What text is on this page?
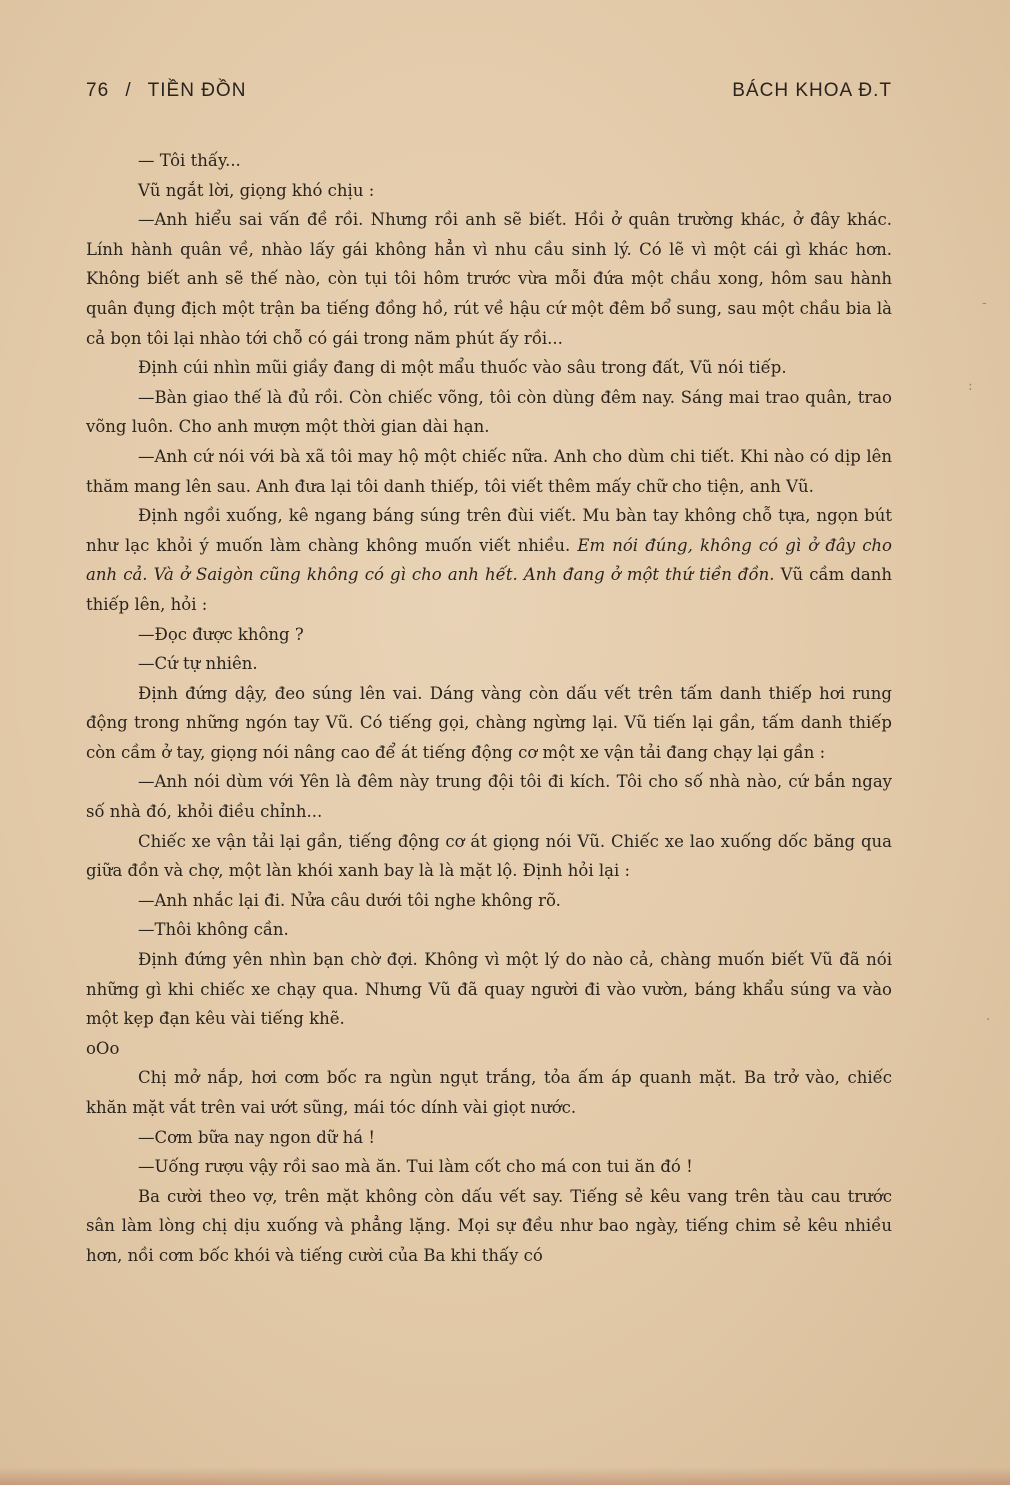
76 / TIỀN ĐỒN	BÁCH KHOA Đ.T

— Tôi thấy...

Vũ ngắt lời, giọng khó chịu :

—Anh hiểu sai vấn đề rồi. Nhưng rồi anh sẽ biết. Hồi ở quân trường khác, ở đây khác. Lính hành quân về, nhào lấy gái không hẳn vì nhu cầu sinh lý. Có lẽ vì một cái gì khác hơn. Không biết anh sẽ thế nào, còn tụi tôi hôm trước vừa mỗi đứa một chầu xong, hôm sau hành quân đụng địch một trận ba tiếng đồng hồ, rút về hậu cứ một đêm bổ sung, sau một chầu bia là cả bọn tôi lại nhào tới chỗ có gái trong năm phút ấy rồi...

Định cúi nhìn mũi giầy đang di một mẩu thuốc vào sâu trong đất, Vũ nói tiếp.

—Bàn giao thế là đủ rồi. Còn chiếc võng, tôi còn dùng đêm nay. Sáng mai trao quân, trao võng luôn. Cho anh mượn một thời gian dài hạn.

—Anh cứ nói với bà xã tôi may hộ một chiếc nữa. Anh cho dùm chi tiết. Khi nào có dịp lên thăm mang lên sau. Anh đưa lại tôi danh thiếp, tôi viết thêm mấy chữ cho tiện, anh Vũ.

Định ngồi xuống, kê ngang báng súng trên đùi viết. Mu bàn tay không chỗ tựa, ngọn bút như lạc khỏi ý muốn làm chàng không muốn viết nhiều. Em nói đúng, không có gì ở đây cho anh cả. Và ở Saigòn cũng không có gì cho anh hết. Anh đang ở một thứ tiền đồn. Vũ cầm danh thiếp lên, hỏi :

—Đọc được không ?

—Cứ tự nhiên.

Định đứng dậy, đeo súng lên vai. Dáng vàng còn dấu vết trên tấm danh thiếp hơi rung động trong những ngón tay Vũ. Có tiếng gọi, chàng ngừng lại. Vũ tiến lại gần, tấm danh thiếp còn cầm ở tay, giọng nói nâng cao để át tiếng động cơ một xe vận tải đang chạy lại gần :

—Anh nói dùm với Yên là đêm này trung đội tôi đi kích. Tôi cho số nhà nào, cứ bắn ngay số nhà đó, khỏi điều chỉnh...

Chiếc xe vận tải lại gần, tiếng động cơ át giọng nói Vũ. Chiếc xe lao xuống dốc băng qua giữa đồn và chợ, một làn khói xanh bay là là mặt lộ. Định hỏi lại :

—Anh nhắc lại đi. Nửa câu dưới tôi nghe không rõ.

—Thôi không cần.

Định đứng yên nhìn bạn chờ đợi. Không vì một lý do nào cả, chàng muốn biết Vũ đã nói những gì khi chiếc xe chạy qua. Nhưng Vũ đã quay người đi vào vườn, báng khẩu súng va vào một kẹp đạn kêu vài tiếng khẽ.

oOo

Chị mở nắp, hơi cơm bốc ra ngùn ngụt trắng, tỏa ấm áp quanh mặt. Ba trở vào, chiếc khăn mặt vắt trên vai ướt sũng, mái tóc dính vài giọt nước.

—Cơm bữa nay ngon dữ há !

—Uống rượu vậy rồi sao mà ăn. Tui làm cốt cho má con tui ăn đó !

Ba cười theo vợ, trên mặt không còn dấu vết say. Tiếng sẻ kêu vang trên tàu cau trước sân làm lòng chị dịu xuống và phẳng lặng. Mọi sự đều như bao ngày, tiếng chim sẻ kêu nhiều hơn, nồi cơm bốc khói và tiếng cười của Ba khi thấy có

-
:
·
